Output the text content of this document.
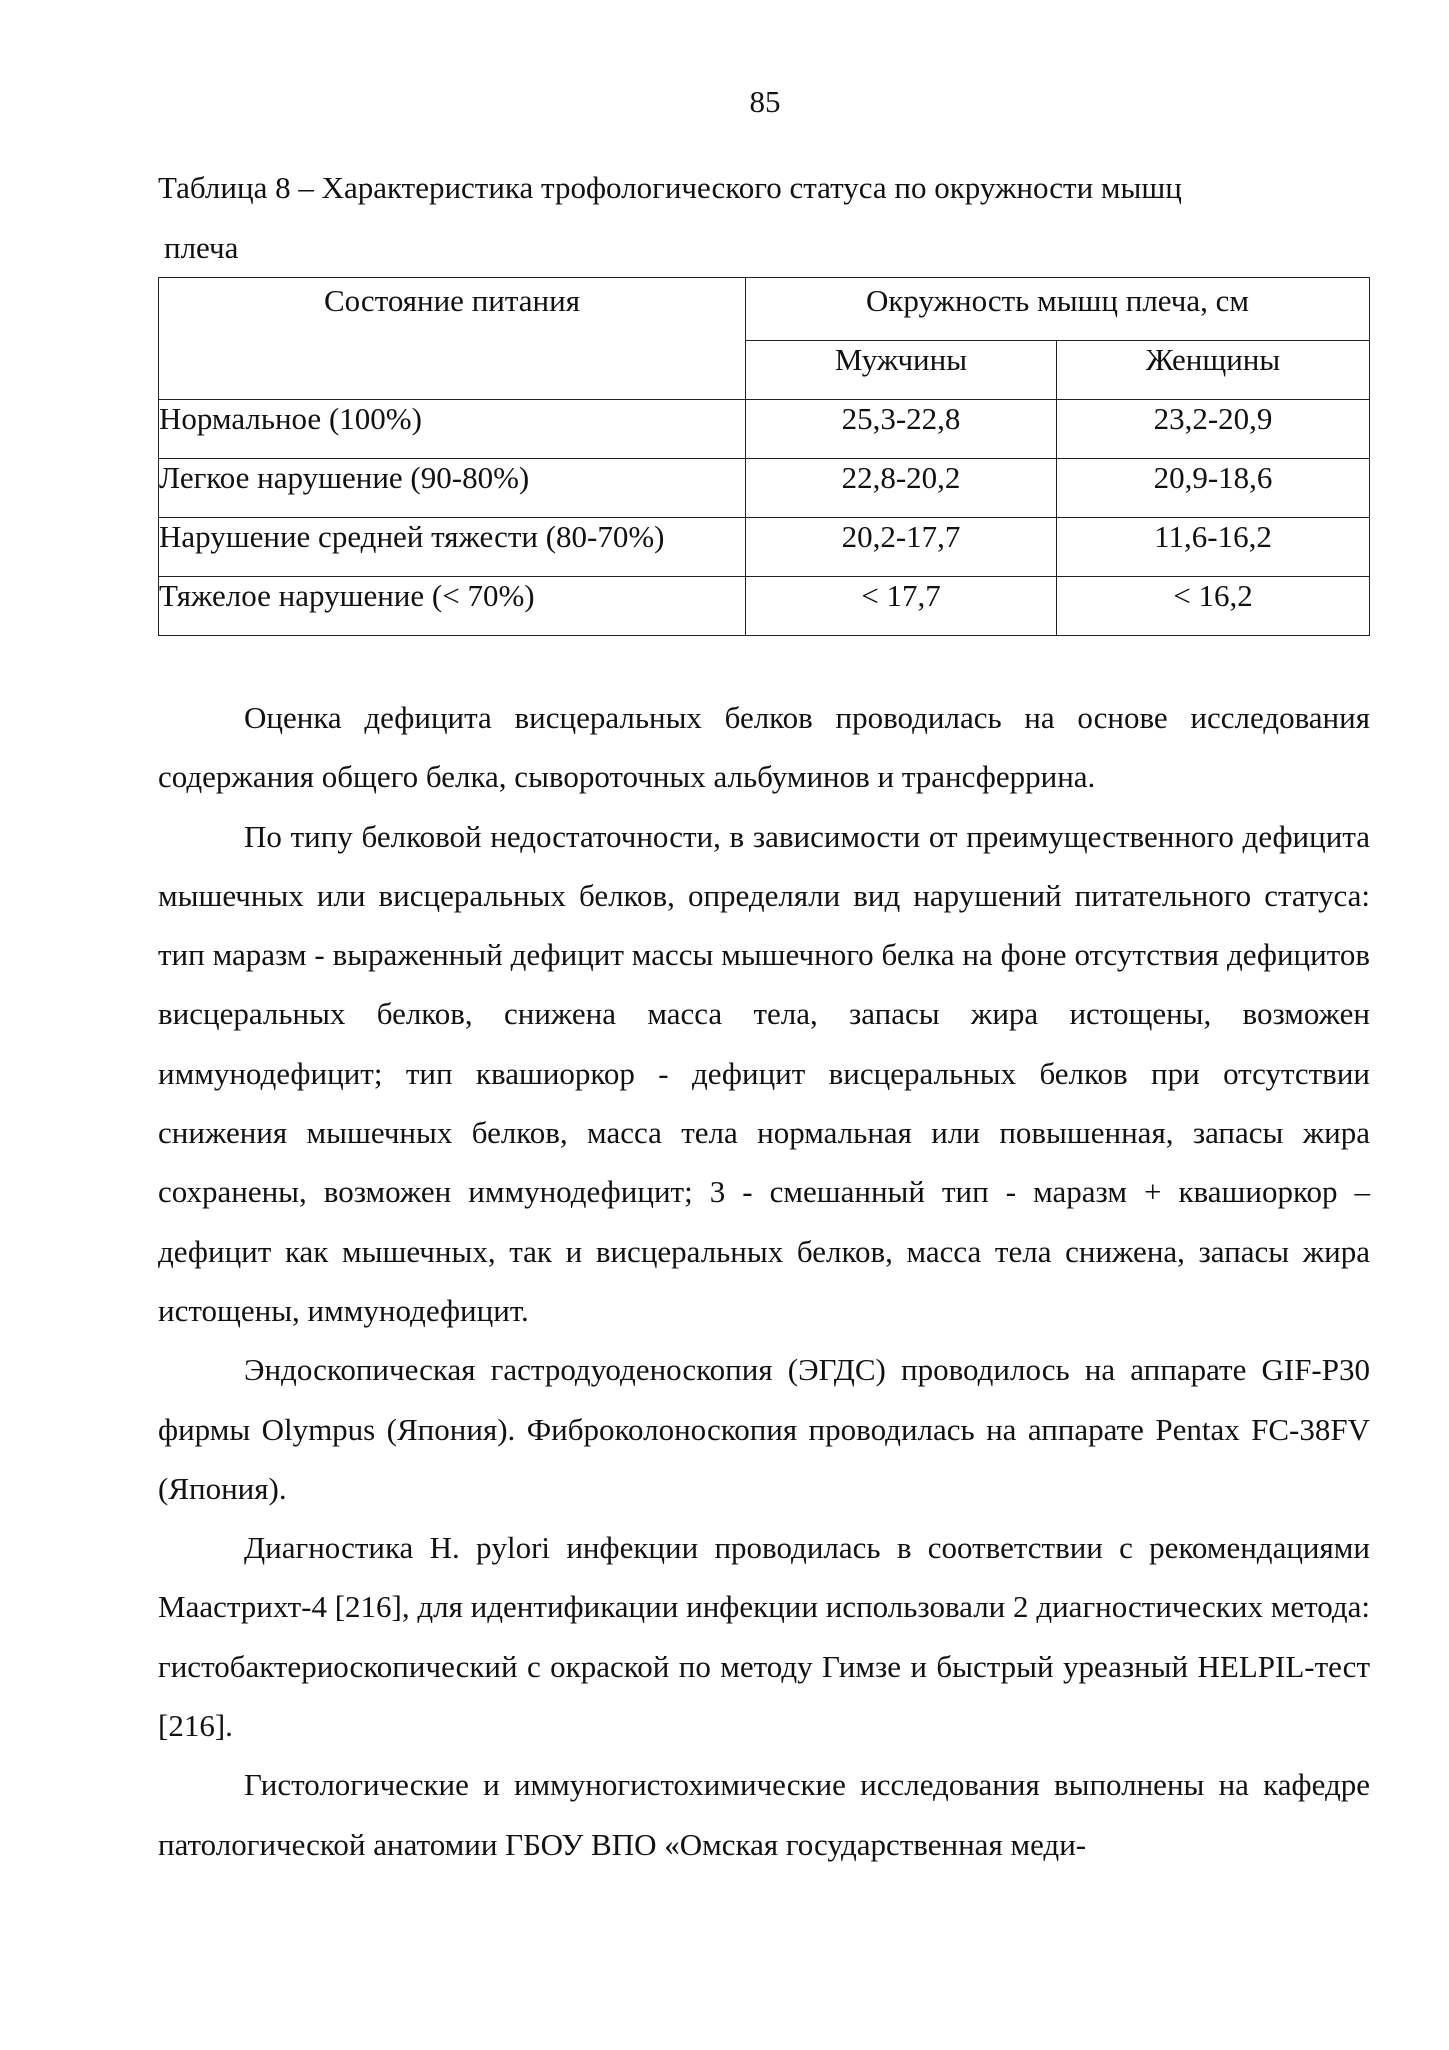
85
Таблица 8 – Характеристика трофологического статуса по окружности мышц
плеча
Состояние питания	Окружность мышц плеча, см	
	Мужчины	Женщины
Нормальное (100%)	25,3-22,8	23,2-20,9
Легкое нарушение (90-80%)	22,8-20,2	20,9-18,6
Нарушение средней тяжести (80-70%)	20,2-17,7	11,6-16,2
Тяжелое нарушение (< 70%)	< 17,7	< 16,2

Оценка дефицита висцеральных белков проводилась на основе исследования содержания общего белка, сывороточных альбуминов и трансферрина.

По типу белковой недостаточности, в зависимости от преимущественного дефицита мышечных или висцеральных белков, определяли вид нарушений питательного статуса: тип маразм - выраженный дефицит массы мышечного белка на фоне отсутствия дефицитов висцеральных белков, снижена масса тела, запасы жира истощены, возможен иммунодефицит; тип квашиоркор - дефицит висцеральных белков при отсутствии снижения мышечных белков, масса тела нормальная или повышенная, запасы жира сохранены, возможен иммунодефицит; 3 - смешанный тип - маразм + квашиоркор – дефицит как мышечных, так и висцеральных белков, масса тела снижена, запасы жира истощены, иммунодефицит.

Эндоскопическая гастродуоденоскопия (ЭГДС) проводилось на аппарате GIF-P30 фирмы Olympus (Япония). Фиброколоноскопия проводилась на аппарате Pentax FC-38FV (Япония).

Диагностика H. pylori инфекции проводилась в соответствии с рекомендациями Маастрихт-4 [216], для идентификации инфекции использовали 2 диагностических метода: гистобактериоскопический с окраской по методу Гимзе и быстрый уреазный HELPIL-тест [216].

Гистологические и иммуногистохимические исследования выполнены на кафедре патологической анатомии ГБОУ ВПО «Омская государственная меди-
